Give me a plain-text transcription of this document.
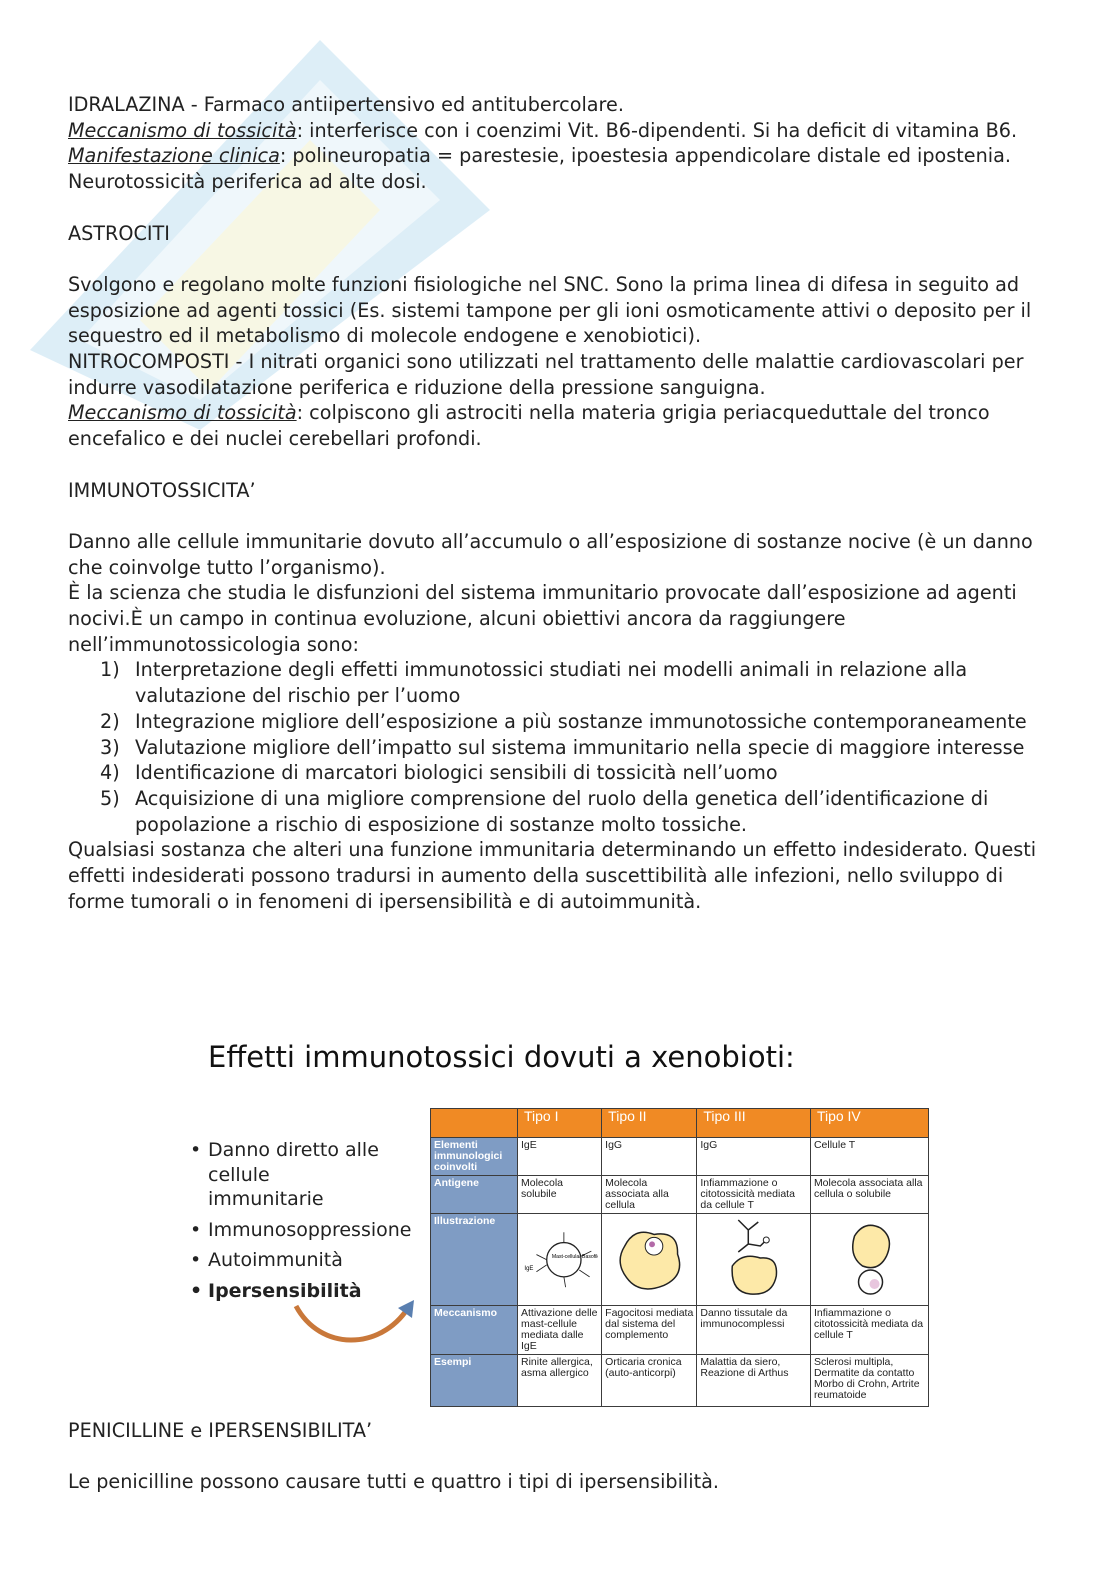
IDRALAZINA - Farmaco antiipertensivo ed antitubercolare.

Meccanismo di tossicità: interferisce con i coenzimi Vit. B6-dipendenti. Si ha deficit di vitamina B6.

Manifestazione clinica: polineuropatia = parestesie, ipoestesia appendicolare distale ed ipostenia.

Neurotossicità periferica ad alte dosi.

ASTROCITI

Svolgono e regolano molte funzioni fisiologiche nel SNC. Sono la prima linea di difesa in seguito ad esposizione ad agenti tossici (Es. sistemi tampone per gli ioni osmoticamente attivi o deposito per il sequestro ed il metabolismo di molecole endogene e xenobiotici).

NITROCOMPOSTI - I nitrati organici sono utilizzati nel trattamento delle malattie cardiovascolari per indurre vasodilatazione periferica e riduzione della pressione sanguigna.

Meccanismo di tossicità: colpiscono gli astrociti nella materia grigia periacqueduttale del tronco encefalico e dei nuclei cerebellari profondi.

IMMUNOTOSSICITA’

Danno alle cellule immunitarie dovuto all’accumulo o all’esposizione di sostanze nocive (è un danno che coinvolge tutto l’organismo).

È la scienza che studia le disfunzioni del sistema immunitario provocate dall’esposizione ad agenti nocivi.È un campo in continua evoluzione, alcuni obiettivi ancora da raggiungere nell’immunotossicologia sono:

1) Interpretazione degli effetti immunotossici studiati nei modelli animali in relazione alla valutazione del rischio per l’uomo
2) Integrazione migliore dell’esposizione a più sostanze immunotossiche contemporaneamente
3) Valutazione migliore dell’impatto sul sistema immunitario nella specie di maggiore interesse
4) Identificazione di marcatori biologici sensibili di tossicità nell’uomo
5) Acquisizione di una migliore comprensione del ruolo della genetica dell’identificazione di popolazione a rischio di esposizione di sostanze molto tossiche.

Qualsiasi sostanza che alteri una funzione immunitaria determinando un effetto indesiderato. Questi effetti indesiderati possono tradursi in aumento della suscettibilità alle infezioni, nello sviluppo di forme tumorali o in fenomeni di ipersensibilità e di autoimmunità.

Effetti immunotossici dovuti a xenobioti:
• Danno diretto alle cellule immunitarie
• Immunosoppressione
• Autoimmunità
• Ipersensibilità
	Tipo I	Tipo II	Tipo III	Tipo IV
Elementi immunologici coinvolti	IgE	IgG	IgG	Cellule T
Antigene	Molecola solubile	Molecola associata alla cellula	Infiammazione o citotossicità mediata da cellule T	Molecola associata alla cellula o solubile
Illustrazione	Mast-cellula/ Basofilo
IgE

Meccanismo	Attivazione delle mast-cellule mediata dalle IgE	Fagocitosi mediata dal sistema del complemento	Danno tissutale da immunocomplessi	Infiammazione o citotossicità mediata da cellule T
Esempi	Rinite allergica, asma allergico	Orticaria cronica (auto-anticorpi)	Malattia da siero, Reazione di Arthus	Sclerosi multipla, Dermatite da contatto Morbo di Crohn, Artrite reumatoide

PENICILLINE e IPERSENSIBILITA’

Le penicilline possono causare tutti e quattro i tipi di ipersensibilità.
